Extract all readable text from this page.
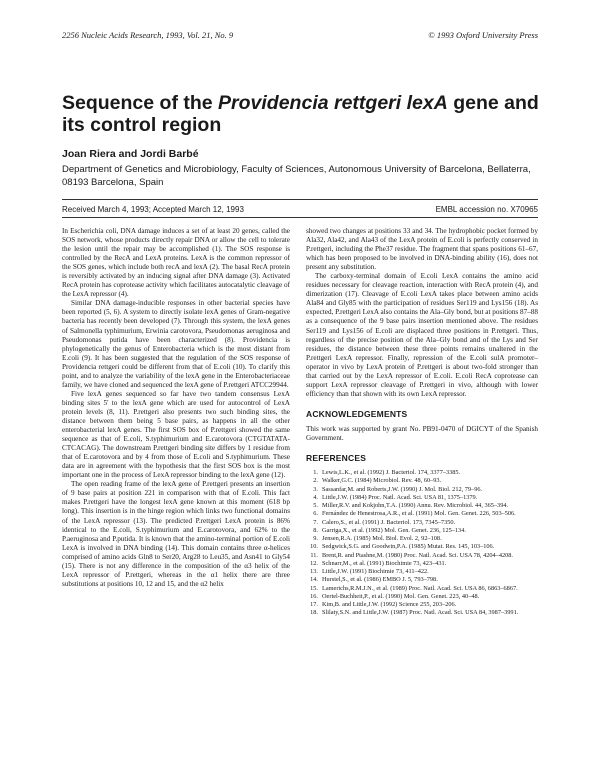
2256 Nucleic Acids Research, 1993, Vol. 21, No. 9	© 1993 Oxford University Press
Sequence of the Providencia rettgeri lexA gene and its control region
Joan Riera and Jordi Barbé
Department of Genetics and Microbiology, Faculty of Sciences, Autonomous University of Barcelona, Bellaterra, 08193 Barcelona, Spain
Received March 4, 1993; Accepted March 12, 1993	EMBL accession no. X70965

In Escherichia coli, DNA damage induces a set of at least 20 genes, called the SOS network, whose products directly repair DNA or allow the cell to tolerate the lesion until the repair may be accomplished (1). The SOS response is controlled by the RecA and LexA proteins. LexA is the common repressor of the SOS genes, which include both recA and lexA (2). The basal RecA protein is reversibly activated by an inducing signal after DNA damage (3). Activated RecA protein has coprotease activity which facilitates autocatalytic cleavage of the LexA repressor (4).

Similar DNA damage-inducible responses in other bacterial species have been reported (5, 6). A system to directly isolate lexA genes of Gram-negative bacteria has recently been developed (7). Through this system, the lexA genes of Salmonella typhimurium, Erwinia carotovora, Pseudomonas aeruginosa and Pseudomonas putida have been characterized (8). Providencia is phylogenetically the genus of Enterobacteria which is the most distant from E.coli (9). It has been suggested that the regulation of the SOS response of Providencia rettgeri could be different from that of E.coli (10). To clarify this point, and to analyze the variability of the lexA gene in the Enterobacteriaceae family, we have cloned and sequenced the lexA gene of P.rettgeri ATCC29944.

Five lexA genes sequenced so far have two tandem consensus LexA binding sites 5' to the lexA gene which are used for autocontrol of LexA protein levels (8, 11). P.rettgeri also presents two such binding sites, the distance between them being 5 base pairs, as happens in all the other enterobacterial lexA genes. The first SOS box of P.rettgeri showed the same sequence as that of E.coli, S.typhimurium and E.carotovora (CTGTATATA-CTCACAG). The downstream P.rettgeri binding site differs by 1 residue from that of E.carotovora and by 4 from those of E.coli and S.typhimurium. These data are in agreement with the hypothesis that the first SOS box is the most important one in the process of LexA repressor binding to the lexA gene (12).

The open reading frame of the lexA gene of P.rettgeri presents an insertion of 9 base pairs at position 221 in comparison with that of E.coli. This fact makes P.rettgeri have the longest lexA gene known at this moment (618 bp long). This insertion is in the hinge region which links two functional domains of the LexA repressor (13). The predicted P.rettgeri LexA protein is 86% identical to the E.coli, S.typhimurium and E.carotovora, and 62% to the P.aeruginosa and P.putida. It is known that the amino-terminal portion of E.coli LexA is involved in DNA binding (14). This domain contains three α-helices comprised of amino acids Gln8 to Ser20, Arg28 to Leu35, and Asn41 to Gly54 (15). There is not any difference in the composition of the α3 helix of the LexA repressor of P.rettgeri, whereas in the α1 helix there are three substitutions at positions 10, 12 and 15, and the α2 helix

showed two changes at positions 33 and 34. The hydrophobic pocket formed by Ala32, Ala42, and Ala43 of the LexA protein of E.coli is perfectly conserved in P.rettgeri, including the Phe37 residue. The fragment that spans positions 61–67, which has been proposed to be involved in DNA-binding ability (16), does not present any substitution.

The carboxy-terminal domain of E.coli LexA contains the amino acid residues necessary for cleavage reaction, interaction with RecA protein (4), and dimerization (17). Cleavage of E.coli LexA takes place between amino acids Ala84 and Gly85 with the participation of residues Ser119 and Lys156 (18). As expected, P.rettgeri LexA also contains the Ala–Gly bond, but at positions 87–88 as a consequence of the 9 base pairs insertion mentioned above. The residues Ser119 and Lys156 of E.coli are displaced three positions in P.rettgeri. Thus, regardless of the precise position of the Ala–Gly bond and of the Lys and Ser residues, the distance between these three points remains unaltered in the P.rettgeri LexA repressor. Finally, repression of the E.coli sulA promoter–operator in vivo by LexA protein of P.rettgeri is about two-fold stronger than that carried out by the LexA repressor of E.coli. E.coli RecA coprotease can support LexA repressor cleavage of P.rettgeri in vivo, although with lower efficiency than that shown with its own LexA repressor.

ACKNOWLEDGEMENTS

This work was supported by grant No. PB91-0470 of DGICYT of the Spanish Government.

REFERENCES
1. Lewis,L.K., et al. (1992) J. Bacteriol. 174, 3377–3385.
2. Walker,G.C. (1984) Microbiol. Rev. 48, 60–93.
3. Sassanfar,M. and Roberts,J.W. (1990) J. Mol. Biol. 212, 79–96.
4. Little,J.W. (1984) Proc. Natl. Acad. Sci. USA 81, 1375–1379.
5. Miller,R.V. and Kokjohn,T.A. (1990) Annu. Rev. Microbiol. 44, 365–394.
6. Fernández de Henestrosa,A.R., et al. (1991) Mol. Gen. Genet. 226, 503–506.
7. Calero,S., et al. (1991) J. Bacteriol. 173, 7345–7350.
8. Garriga,X., et al. (1992) Mol. Gen. Genet. 236, 125–134.
9. Jensen,R.A. (1985) Mol. Biol. Evol. 2, 92–108.
10. Sedgwick,S.G. and Goodwin,P.A. (1985) Mutat. Res. 145, 103–106.
11. Brent,R. and Ptashne,M. (1980) Proc. Natl. Acad. Sci. USA 78, 4204–4208.
12. Schnarr,M., et al. (1991) Biochimie 73, 423–431.
13. Little,J.W. (1991) Biochimie 73, 411–422.
14. Hurstel,S., et al. (1986) EMBO J. 5, 793–798.
15. Lamerichs,R.M.J.N., et al. (1989) Proc. Natl. Acad. Sci. USA 86, 6863–6867.
16. Oertel-Buchheit,P., et al. (1990) Mol. Gen. Genet. 223, 40–48.
17. Kim,B. and Little,J.W. (1992) Science 255, 203–206.
18. Slilaty,S.N. and Little,J.W. (1987) Proc. Natl. Acad. Sci. USA 84, 3987–3991.
